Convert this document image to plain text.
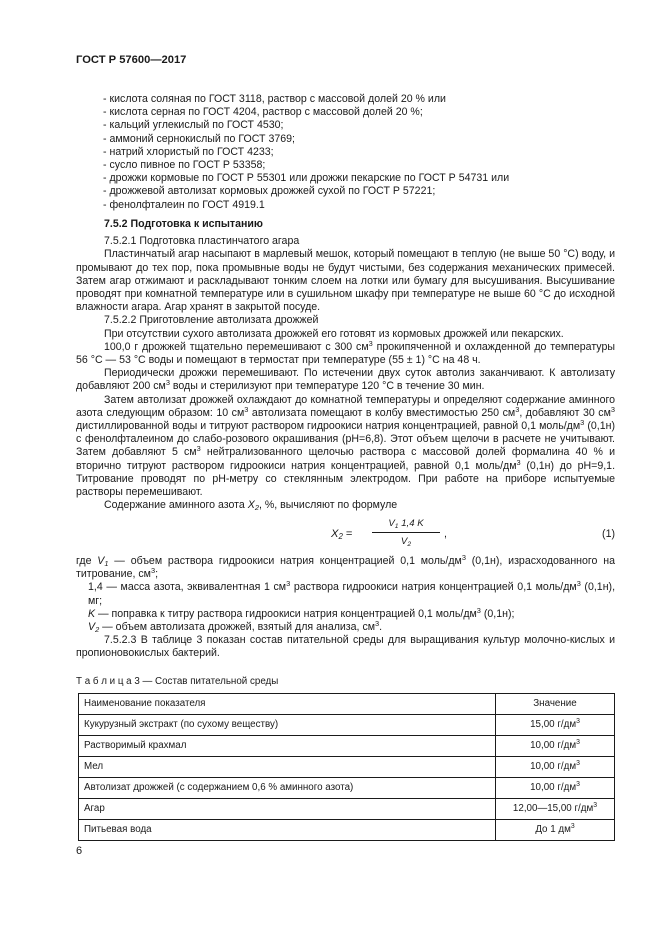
ГОСТ Р 57600—2017
- кислота соляная по ГОСТ 3118, раствор с массовой долей 20 % или
- кислота серная по ГОСТ 4204, раствор с массовой долей 20 %;
- кальций углекислый по ГОСТ 4530;
- аммоний сернокислый по ГОСТ 3769;
- натрий хлористый по ГОСТ 4233;
- сусло пивное по ГОСТ Р 53358;
- дрожжи кормовые по ГОСТ Р 55301 или дрожжи пекарские по ГОСТ Р 54731 или
- дрожжевой автолизат кормовых дрожжей сухой по ГОСТ Р 57221;
- фенолфталеин по ГОСТ 4919.1

7.5.2 Подготовка к испытанию

7.5.2.1 Подготовка пластинчатого агара

Пластинчатый агар насыпают в марлевый мешок, который помещают в теплую (не выше 50 °C) воду, и промывают до тех пор, пока промывные воды не будут чистыми, без содержания механических примесей. Затем агар отжимают и раскладывают тонким слоем на лотки или бумагу для высушивания. Высушивание проводят при комнатной температуре или в сушильном шкафу при температуре не выше 60 °C до исходной влажности агара. Агар хранят в закрытой посуде.

7.5.2.2 Приготовление автолизата дрожжей

При отсутствии сухого автолизата дрожжей его готовят из кормовых дрожжей или пекарских.

100,0 г дрожжей тщательно перемешивают с 300 $см^3$ прокипяченной и охлажденной до температуры 56 °C — 53 °C воды и помещают в термостат при температуре (55 ± 1) °C на 48 ч.

Периодически дрожжи перемешивают. По истечении двух суток автолиз заканчивают. К автолизату добавляют 200 $см^3$ воды и стерилизуют при температуре 120 °C в течение 30 мин.

Затем автолизат дрожжей охлаждают до комнатной температуры и определяют содержание аминного азота следующим образом: 10 $см^3$ автолизата помещают в колбу вместимостью 250 $см^3$, добавляют 30 $см^3$ дистиллированной воды и титруют раствором гидроокиси натрия концентрацией, равной 0,1 моль/$дм^3$ (0,1н) с фенолфталеином до слабо-розового окрашивания (pH=6,8). Этот объем щелочи в расчете не учитывают. Затем добавляют 5 $см^3$ нейтрализованного щелочью раствора с массовой долей формалина 40 % и вторично титруют раствором гидроокиси натрия концентрацией, равной 0,1 моль/$дм^3$ (0,1н) до pH=9,1. Титрование проводят по pH-метру со стеклянным электродом. При работе на приборе испытуемые растворы перемешивают.

Содержание аминного азота $X_2$, %, вычисляют по формуле

$X_2$ =
$V_1$ 1,4 K
$V_2$
,	(1)

где $V_1$ — объем раствора гидроокиси натрия концентрацией 0,1 моль/$дм^3$ (0,1н), израсходованного на титрование, $см^3$;

1,4 — масса азота, эквивалентная 1 $см^3$ раствора гидроокиси натрия концентрацией 0,1 моль/$дм^3$ (0,1н), мг;

K — поправка к титру раствора гидроокиси натрия концентрацией 0,1 моль/$дм^3$ (0,1н);

$V_2$ — объем автолизата дрожжей, взятый для анализа, $см^3$.

7.5.2.3 В таблице 3 показан состав питательной среды для выращивания культур молочно-кислых и пропионовокислых бактерий.

Т а б л и ц а 3 — Состав питательной среды
Наименование показателя	Значение
Кукурузный экстракт (по сухому веществу)	15,00 $г/дм^3$
Растворимый крахмал	10,00 $г/дм^3$
Мел	10,00 $г/дм^3$
Автолизат дрожжей (с содержанием 0,6 % аминного азота)	10,00 $г/дм^3$
Агар	12,00—15,00 $г/дм^3$
Питьевая вода	До 1 $дм^3$
6
